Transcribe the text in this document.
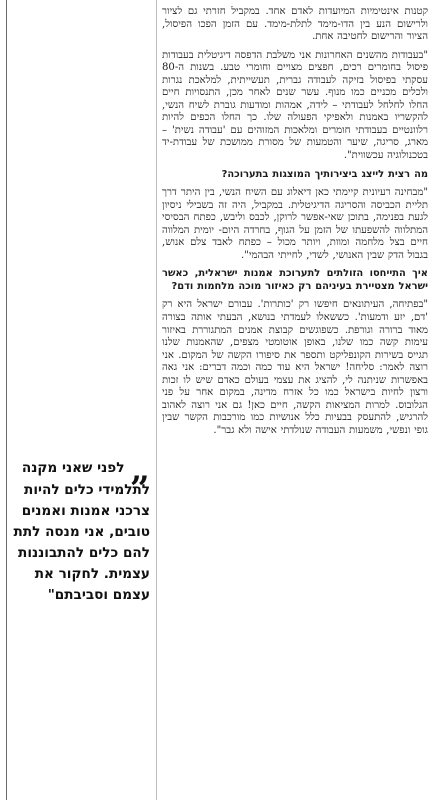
„לפני שאני מקנה לתלמידי כלים להיות צרכני אמנות ואמנים טובים, אני מנסה לתת להם כלים להתבוננות עצמית. לחקור את עצמם וסביבתם"

קטנות אינטימיות המיועדות לאדם אחד. במקביל חזרתי גם לציור ולרישום הנע בין הדו-מימד לתלת-מימד. עם הזמן הפכו הפיסול, הציור והרישום לחטיבה אחת.

"בעבודות מהשנים האחרונות אני משלבת הדפסה דיגיטלית בעבודות פיסול בחומרים רכים, חפצים מצויים וחומרי טבע. בשנות ה-80 עסקתי בפיסול בזיקה לעבודה גברית, תעשייתית, למלאכת נגרות ולכלים מכניים כמו מנוף. עשר שנים לאחר מכן, התנסויות חיים החלו לחלחל לעבודתי – לידה, אמהות ומודעות גוברת לשיח הנשי, להקשריו באמנות ולאפיקי הפעולה שלו. כך החלו הכפים להיות רלוונטיים בעבודתי חומרים ומלאכות המזוהים עם 'עבודה נשית' – מארג, סריגה, שיער והטמעות של מסורת ממושכת של עבודת-יד בטכנולוגיה עכשווית".

מה רצית לייצג ביצירותיך המוצגות בתערוכה?

"מבחינה רעיונית קיימתי כאן דיאלוג עם השיח הנשי, בין היתר דרך תליית הכביסה והסריגה הדיגיטלית. במקביל, היה זה בשבילי ניסיון לגעת בפנימה, בתוכן שאי-אפשר לרוקן, לכבס וליבש, כפתח הבסיסי המתלווה להשפעתו של הזמן על הגוף, בחרדה היום- יומית המלווה חיים בצל מלחמה ומוות, ויותר מכול – כפתח לאבד צלם אנוש, בגבול הדק שבין האנושי, לשדי, לחייתי הבהמי".

איך התייחסו הזולתים לתערוכת אמנות ישראלית, כאשר ישראל מצטיירת בעיניהם רק כאיזור מוכה מלחמות ודם?

"בפתיחה, העיתונאים חיפשו רק 'כותרות'. עבורם ישראל היא רק 'דם, יזע ודמעות'. כששאלו לעמדתי בנושא, הבעתי אותה בצורה מאוד ברורה וגורפת. כשפוגשים קבוצת אמנים המתגוררת באיזור עימות קשה כמו שלנו, באופן אוטומטי מצפים, שהאמנות שלנו תגייס בשירות הקונפליקט ותספר את סיפורו הקשה של המקום. אני רוצה לאמר: סליחה! ישראל היא עוד כמה וכמה דברים: אני גאה באפשרות שניתנה לי, להציג את עצמי בעולם כאדם שיש לו זכות ורצון לחיות בישראל כמו כל אזרח מדינה, במקום אחר על פני הגלובוס. למרות המציאות הקשה, חיים כאן! גם אני רוצה לאהוב להרגיש, להתעסק בבעיות כלל אנושיות כמו מורכבות הקשר שבין גופי ונפשי, משמעות העבודה שנולדתי אישה ולא גבר".
